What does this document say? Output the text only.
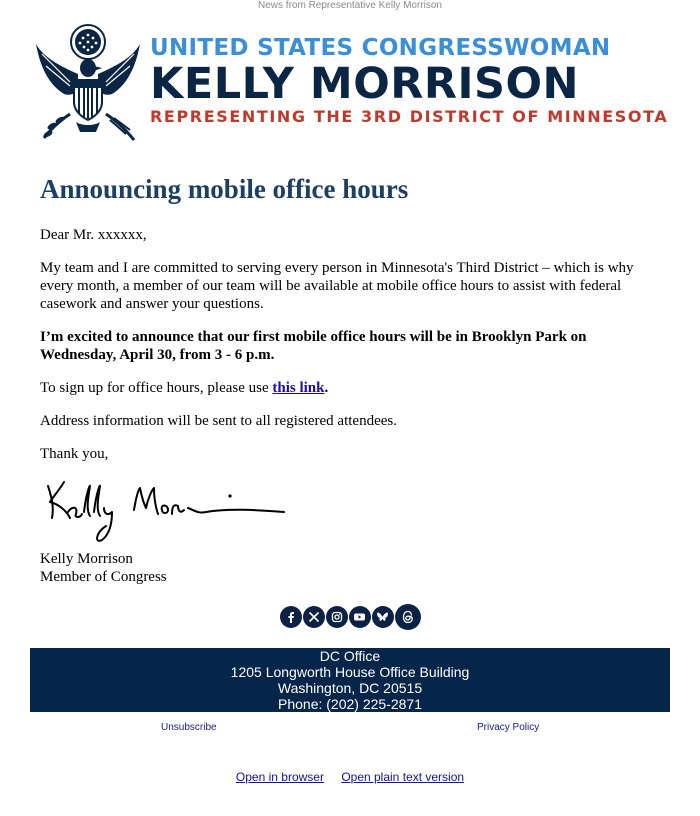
News from Representative Kelly Morrison
UNITED STATES CONGRESSWOMAN
KELLY MORRISON
REPRESENTING THE 3RD DISTRICT OF MINNESOTA
Announcing mobile office hours

Dear Mr. xxxxxx,

My team and I are committed to serving every person in Minnesota's Third District – which is why every month, a member of our team will be available at mobile office hours to assist with federal casework and answer your questions.

I’m excited to announce that our first mobile office hours will be in Brooklyn Park on Wednesday, April 30, from 3 - 6 p.m.

To sign up for office hours, please use this link.

Address information will be sent to all registered attendees.

Thank you,

Kelly Morrison
Member of Congress
DC Office
1205 Longworth House Office Building
Washington, DC 20515
Phone: (202) 225-2871
Unsubscribe	Privacy Policy
Open in browser Open plain text version
